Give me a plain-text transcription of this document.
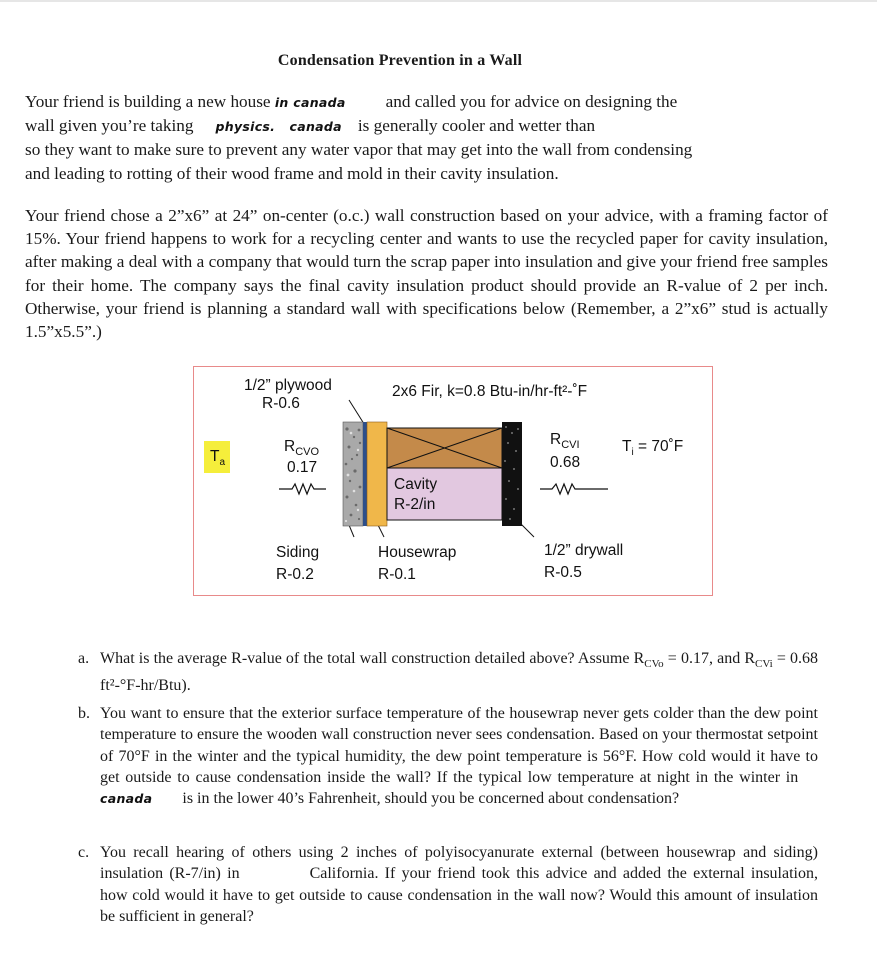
Condensation Prevention in a Wall
Your friend is building a new house in canada and called you for advice on designing the
wall given you’re taking physics. canada is generally cooler and wetter than
so they want to make sure to prevent any water vapor that may get into the wall from condensing
and leading to rotting of their wood frame and mold in their cavity insulation.
Your friend chose a 2”x6” at 24” on-center (o.c.) wall construction based on your advice, with a framing factor of 15%. Your friend happens to work for a recycling center and wants to use the recycled paper for cavity insulation, after making a deal with a company that would turn the scrap paper into insulation and give your friend free samples for their home. The company says the final cavity insulation product should provide an R-value of 2 per inch. Otherwise, your friend is planning a standard wall with specifications below (Remember, a 2”x6” stud is actually 1.5”x5.5”.)
1/2” plywood
R-0.6
2x6 Fir, k=0.8 Btu-in/hr-ft²-˚F
$T_a$
$R_{CVO}$
0.17
Cavity
R-2/in
$R_{CVI}$
0.68
$T_i$ = 70˚F
Siding
R-0.2
Housewrap
R-0.1
1/2” drywall
R-0.5
a. What is the average R-value of the total wall construction detailed above? Assume $R_{CVo} = 0.17$, and $R_{CVi} = 0.68$ ft²-°F-hr/Btu).
b. You want to ensure that the exterior surface temperature of the housewrap never gets colder than the dew point temperature to ensure the wooden wall construction never sees condensation. Based on your thermostat setpoint of 70°F in the winter and the typical humidity, the dew point temperature is 56°F. How cold would it have to get outside to cause condensation inside the wall? If the typical low temperature at night in the winter in canada is in the lower 40’s Fahrenheit, should you be concerned about condensation?
c. You recall hearing of others using 2 inches of polyisocyanurate external (between housewrap and siding) insulation (R-7/in) in	California. If your friend took this advice and added the external insulation, how cold would it have to get outside to cause condensation in the wall now? Would this amount of insulation be sufficient in general?
